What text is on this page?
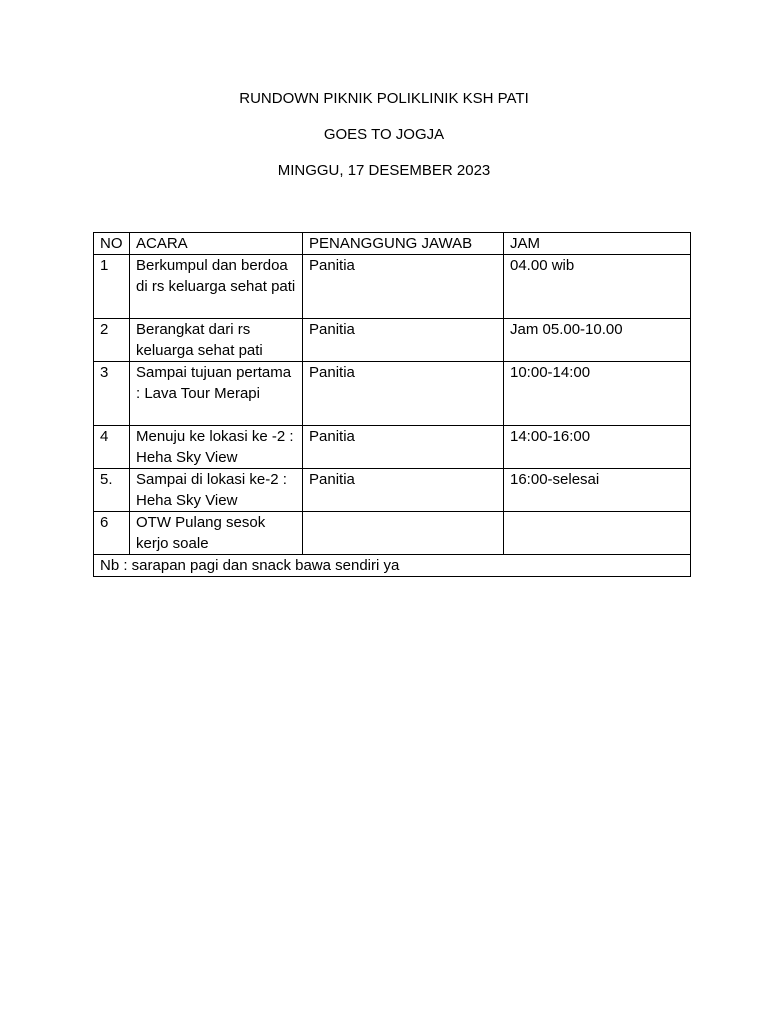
RUNDOWN PIKNIK POLIKLINIK KSH PATI
GOES TO JOGJA
MINGGU, 17 DESEMBER 2023
NO	ACARA	PENANGGUNG JAWAB	JAM
1	Berkumpul dan berdoa di rs keluarga sehat pati	Panitia	04.00 wib
2	Berangkat dari rs keluarga sehat pati	Panitia	Jam 05.00-10.00
3	Sampai tujuan pertama : Lava Tour Merapi	Panitia	10:00-14:00
4	Menuju ke lokasi ke -2 : Heha Sky View	Panitia	14:00-16:00
5.	Sampai di lokasi ke-2 : Heha Sky View	Panitia	16:00-selesai
6	OTW Pulang sesok kerjo soale		
Nb : sarapan pagi dan snack bawa sendiri ya			
